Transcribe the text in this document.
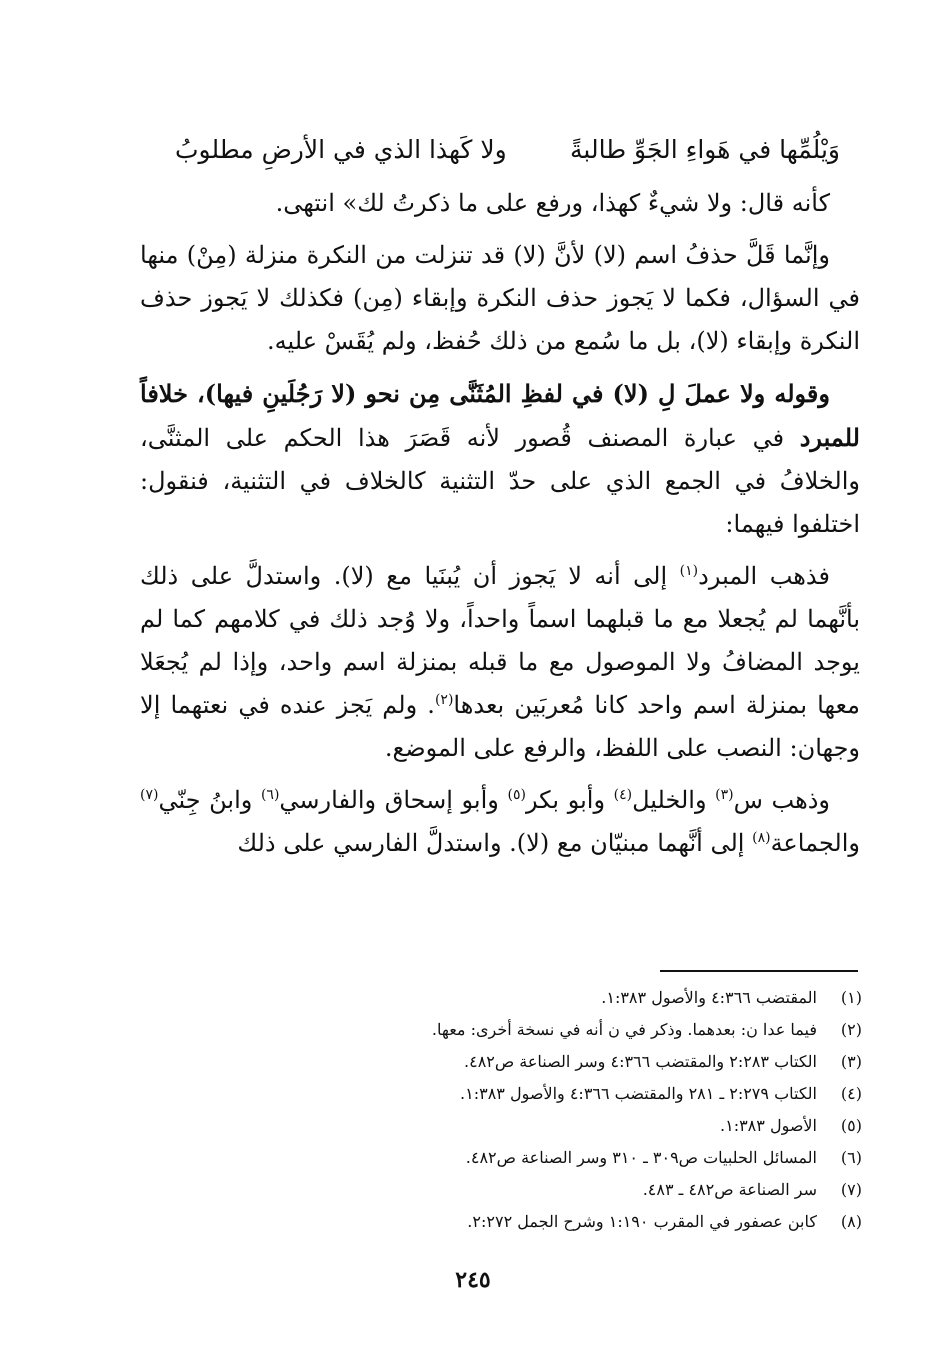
وَيْلُمِّها في هَواءِ الجَوِّ طالبةً
ولا كَهذا الذي في الأرضِ مطلوبُ

كأنه قال: ولا شيءٌ كهذا، ورفع على ما ذكرتُ لك» انتهى.

وإنَّما قَلَّ حذفُ اسم (لا) لأنَّ (لا) قد تنزلت من النكرة منزلة (مِنْ) منها في السؤال، فكما لا يَجوز حذف النكرة وإبقاء (مِن) فكذلك لا يَجوز حذف النكرة وإبقاء (لا)، بل ما سُمع من ذلك حُفظ، ولم يُقَسْ عليه.

وقوله ولا عملَ لِ (لا) في لفظِ المُثَنَّى مِن نحو (لا رَجُلَينِ فيها)، خلافاً للمبرد في عبارة المصنف قُصور لأنه قَصَرَ هذا الحكم على المثنَّى، والخلافُ في الجمع الذي على حدّ التثنية كالخلاف في التثنية، فنقول: اختلفوا فيهما:

فذهب المبرد$^{(١)}$ إلى أنه لا يَجوز أن يُبنَيا مع (لا). واستدلَّ على ذلك بأنَّهما لم يُجعلا مع ما قبلهما اسماً واحداً، ولا وُجد ذلك في كلامهم كما لم يوجد المضافُ ولا الموصول مع ما قبله بمنزلة اسم واحد، وإذا لم يُجعَلا معها بمنزلة اسم واحد كانا مُعربَين بعدها$^{(٢)}$. ولم يَجز عنده في نعتهما إلا وجهان: النصب على اللفظ، والرفع على الموضع.

وذهب س$^{(٣)}$ والخليل$^{(٤)}$ وأبو بكر$^{(٥)}$ وأبو إسحاق والفارسي$^{(٦)}$ وابنُ جِنّي$^{(٧)}$ والجماعة$^{(٨)}$ إلى أنَّهما مبنيّان مع (لا). واستدلَّ الفارسي على ذلك

(١)
المقتضب ٤:٣٦٦ والأصول ١:٣٨٣.
(٢)
فيما عدا ن: بعدهما. وذكر في ن أنه في نسخة أخرى: معها.
(٣)
الكتاب ٢:٢٨٣ والمقتضب ٤:٣٦٦ وسر الصناعة ص٤٨٢.
(٤)
الكتاب ٢:٢٧٩ ـ ٢٨١ والمقتضب ٤:٣٦٦ والأصول ١:٣٨٣.
(٥)
الأصول ١:٣٨٣.
(٦)
المسائل الحلبيات ص٣٠٩ ـ ٣١٠ وسر الصناعة ص٤٨٢.
(٧)
سر الصناعة ص٤٨٢ ـ ٤٨٣.
(٨)
كابن عصفور في المقرب ١:١٩٠ وشرح الجمل ٢:٢٧٢.
٢٤٥
